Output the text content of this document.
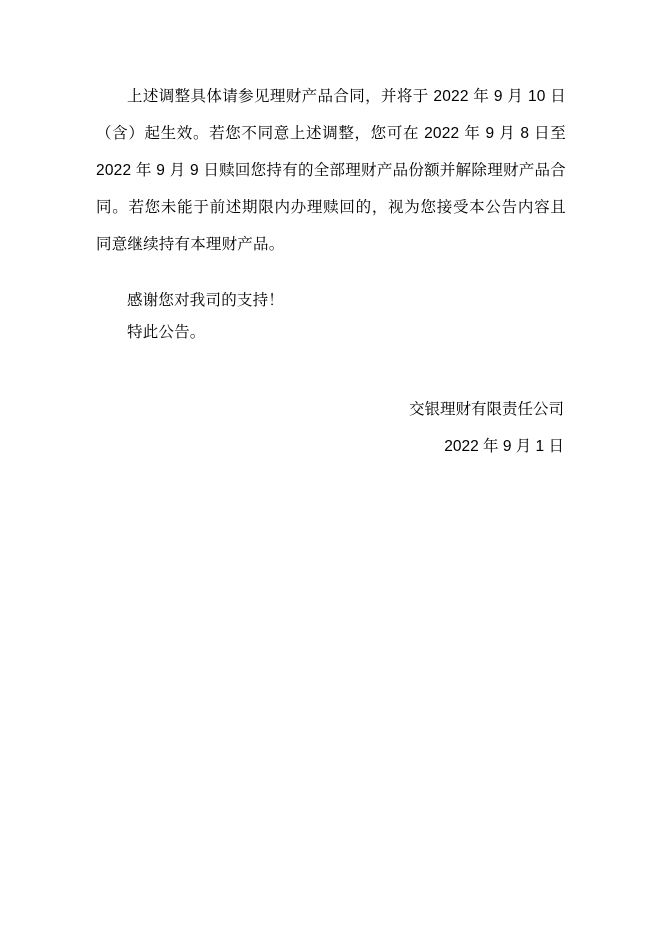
上述调整具体请参见理财产品合同，并将于 2022 年 9 月 10 日（含）起生效。若您不同意上述调整，您可在 2022 年 9 月 8 日至 2022 年 9 月 9 日赎回您持有的全部理财产品份额并解除理财产品合同。若您未能于前述期限内办理赎回的，视为您接受本公告内容且同意继续持有本理财产品。

感谢您对我司的支持！

特此公告。

交银理财有限责任公司
2022 年 9 月 1 日
